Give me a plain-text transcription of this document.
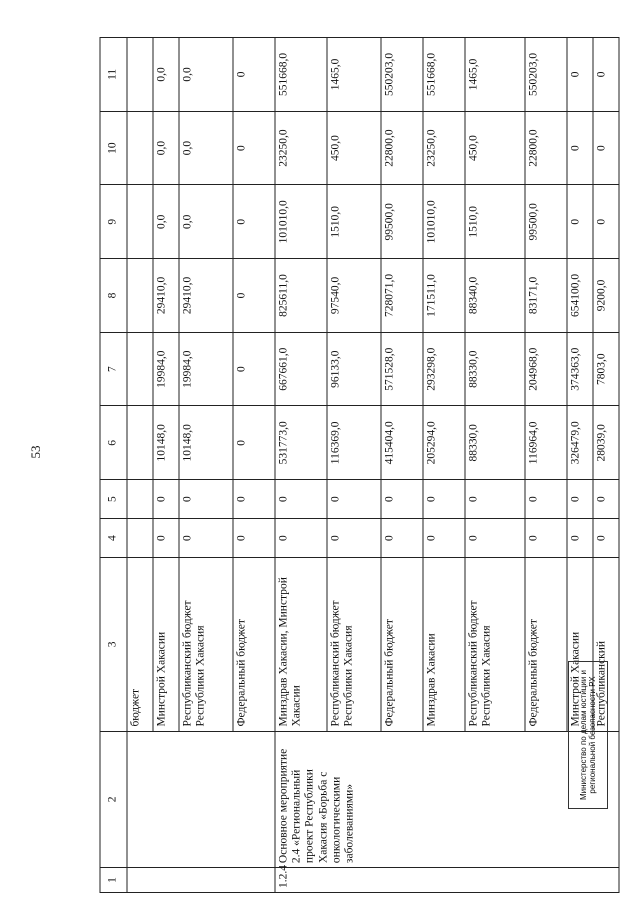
53
1	2	3	4	5	6	7	8	9	10	11
		бюджет								
		Минстрой Хакасии	0	0	10148,0	19984,0	29410,0	0,0	0,0	0,0
		Республиканский бюджет Республики Хакасия	0	0	10148,0	19984,0	29410,0	0,0	0,0	0,0
		Федеральный бюджет	0	0	0	0	0	0	0	0
1.2.4	Основное мероприятие 2.4 «Региональный проект Республики Хакасия «Борьба с онкологическими заболеваниями»	Минздрав Хакасии, Минстрой Хакасии	0	0	531773,0	667661,0	825611,0	101010,0	23250,0	551668,0
		Республиканский бюджет Республики Хакасия	0	0	116369,0	96133,0	97540,0	1510,0	450,0	1465,0
		Федеральный бюджет	0	0	415404,0	571528,0	728071,0	99500,0	22800,0	550203,0
		Минздрав Хакасии	0	0	205294,0	293298,0	171511,0	101010,0	23250,0	551668,0
		Республиканский бюджет Республики Хакасия	0	0	88330,0	88330,0	88340,0	1510,0	450,0	1465,0
		Федеральный бюджет	0	0	116964,0	204968,0	83171,0	99500,0	22800,0	550203,0
		Минстрой Хакасии	0	0	326479,0	374363,0	654100,0	0	0	0
		Республиканский	0	0	28039,0	7803,0	9200,0	0	0	0
Министерство по делам юстиции и региональной безопасности РХ
